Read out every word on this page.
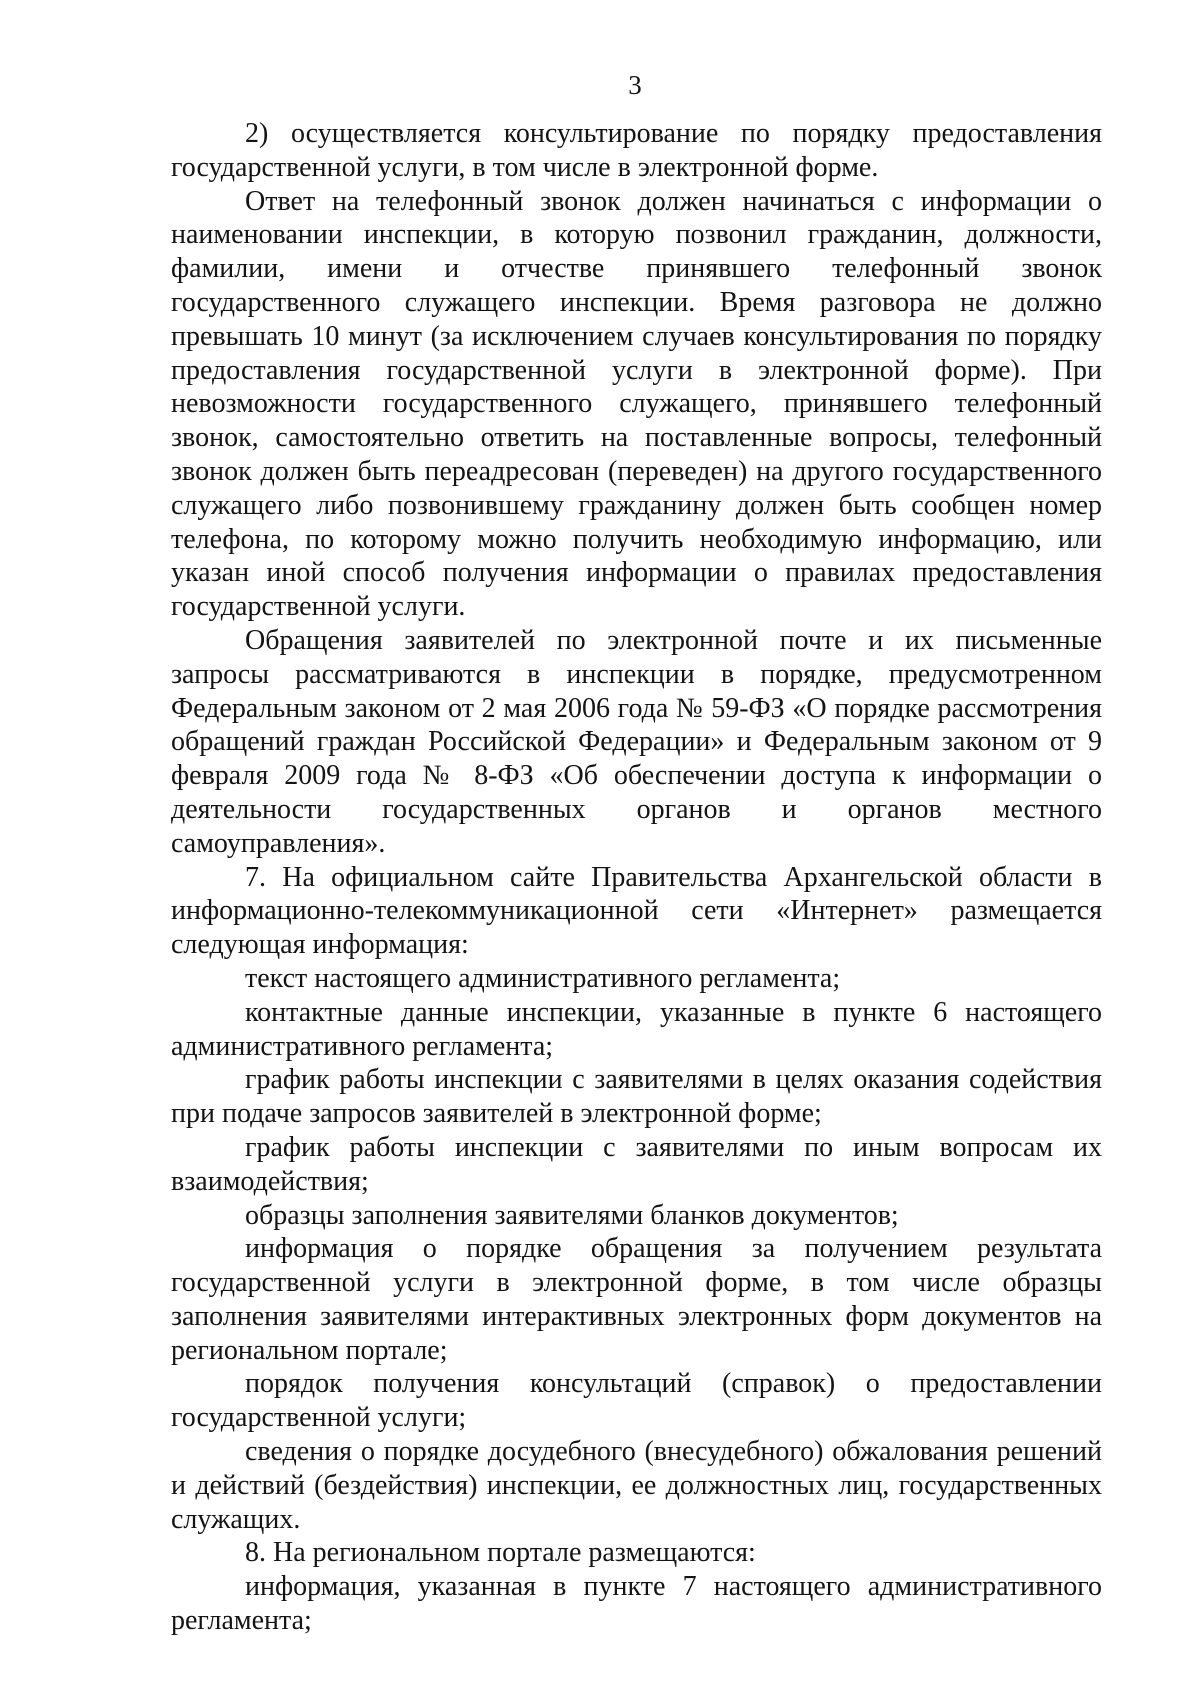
3

2) осуществляется консультирование по порядку предоставления государственной услуги, в том числе в электронной форме.

Ответ на телефонный звонок должен начинаться с информации о наименовании инспекции, в которую позвонил гражданин, должности, фамилии, имени и отчестве принявшего телефонный звонок государственного служащего инспекции. Время разговора не должно превышать 10 минут (за исключением случаев консультирования по порядку предоставления государственной услуги в электронной форме). При невозможности государственного служащего, принявшего телефонный звонок, самостоятельно ответить на поставленные вопросы, телефонный звонок должен быть переадресован (переведен) на другого государственного служащего либо позвонившему гражданину должен быть сообщен номер телефона, по которому можно получить необходимую информацию, или указан иной способ получения информации о правилах предоставления государственной услуги.

Обращения заявителей по электронной почте и их письменные запросы рассматриваются в инспекции в порядке, предусмотренном Федеральным законом от 2 мая 2006 года № 59-ФЗ «О порядке рассмотрения обращений граждан Российской Федерации» и Федеральным законом от 9 февраля 2009 года № 8-ФЗ «Об обеспечении доступа к информации о деятельности государственных органов и органов местного самоуправления».

7. На официальном сайте Правительства Архангельской области в информационно-телекоммуникационной сети «Интернет» размещается следующая информация:

текст настоящего административного регламента;

контактные данные инспекции, указанные в пункте 6 настоящего административного регламента;

график работы инспекции с заявителями в целях оказания содействия при подаче запросов заявителей в электронной форме;

график работы инспекции с заявителями по иным вопросам их взаимодействия;

образцы заполнения заявителями бланков документов;

информация о порядке обращения за получением результата государственной услуги в электронной форме, в том числе образцы заполнения заявителями интерактивных электронных форм документов на региональном портале;

порядок получения консультаций (справок) о предоставлении государственной услуги;

сведения о порядке досудебного (внесудебного) обжалования решений и действий (бездействия) инспекции, ее должностных лиц, государственных служащих.

8. На региональном портале размещаются:

информация, указанная в пункте 7 настоящего административного регламента;
